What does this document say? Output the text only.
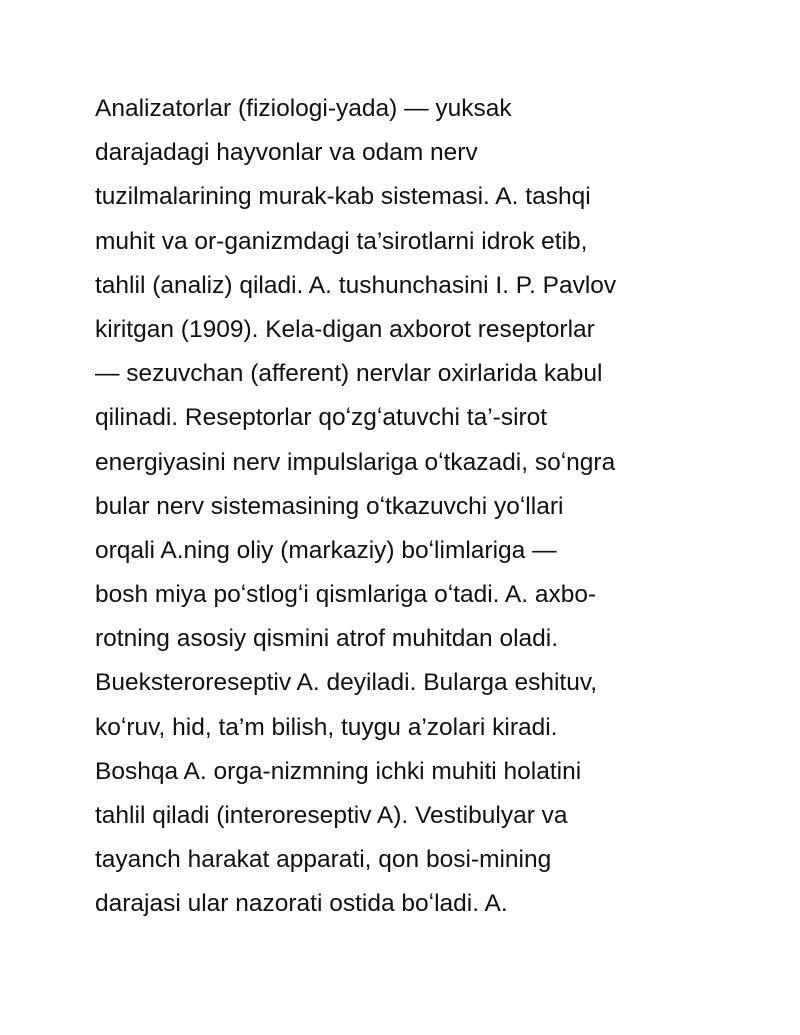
Analizatorlar (fiziologi-yada) — yuksak
darajadagi hayvonlar va odam nerv
tuzilmalarining murak-kab sistemasi. A. tashqi
muhit va or-ganizmdagi ta’sirotlarni idrok etib,
tahlil (analiz) qiladi. A. tushunchasini I. P. Pavlov
kiritgan (1909). Kela-digan axborot reseptorlar
— sezuvchan (afferent) nervlar oxirlarida kabul
qilinadi. Reseptorlar qoʻzgʻatuvchi ta’-sirot
energiyasini nerv impulslariga oʻtkazadi, soʻngra
bular nerv sistemasining oʻtkazuvchi yoʻllari
orqali A.ning oliy (markaziy) boʻlimlariga —
bosh miya poʻstlogʻi qismlariga oʻtadi. A. axbo-
rotning asosiy qismini atrof muhitdan oladi.
Bueksteroreseptiv A. deyiladi. Bularga eshituv,
koʻruv, hid, ta’m bilish, tuygu a’zolari kiradi.
Boshqa A. orga-nizmning ichki muhiti holatini
tahlil qiladi (interoreseptiv A). Vestibulyar va
tayanch harakat apparati, qon bosi-mining
darajasi ular nazorati ostida boʻladi. A.
